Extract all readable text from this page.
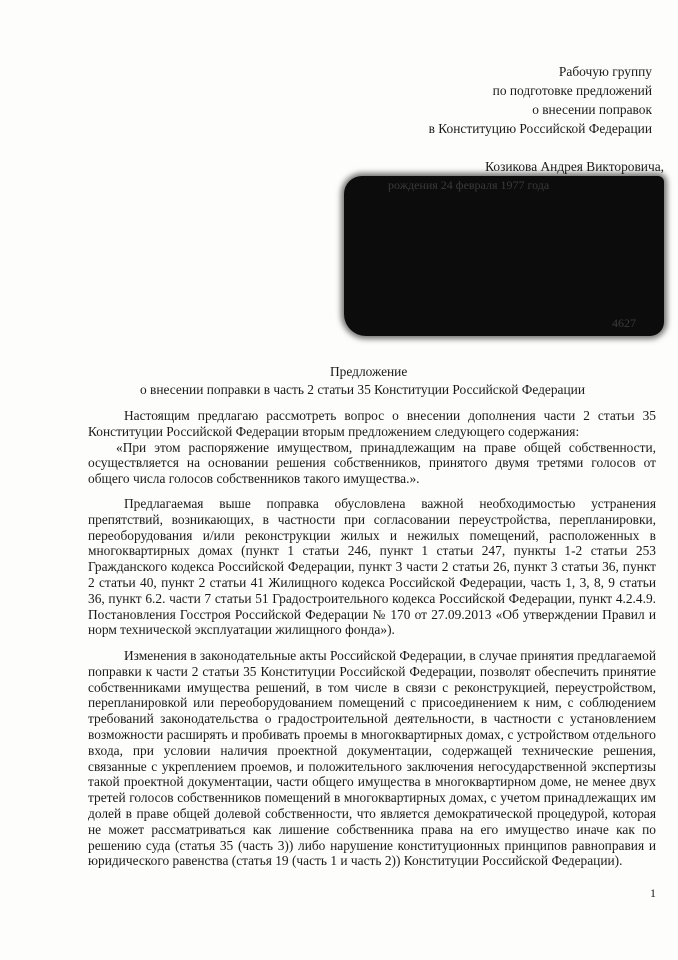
Рабочую группу
по подготовке предложений
о внесении поправок
в Конституцию Российской Федерации
Козикова Андрея Викторовича,
рождения 24 февраля 1977 года
4627
Предложение
о внесении поправки в часть 2 статьи 35 Конституции Российской Федерации

Настоящим предлагаю рассмотреть вопрос о внесении дополнения части 2 статьи 35 Конституции Российской Федерации вторым предложением следующего содержания:

«При этом распоряжение имуществом, принадлежащим на праве общей собственности, осуществляется на основании решения собственников, принятого двумя третями голосов от общего числа голосов собственников такого имущества.».

Предлагаемая выше поправка обусловлена важной необходимостью устранения препятствий, возникающих, в частности при согласовании переустройства, перепланировки, переоборудования и/или реконструкции жилых и нежилых помещений, расположенных в многоквартирных домах (пункт 1 статьи 246, пункт 1 статьи 247, пункты 1-2 статьи 253 Гражданского кодекса Российской Федерации, пункт 3 части 2 статьи 26, пункт 3 статьи 36, пункт 2 статьи 40, пункт 2 статьи 41 Жилищного кодекса Российской Федерации, часть 1, 3, 8, 9 статьи 36, пункт 6.2. части 7 статьи 51 Градостроительного кодекса Российской Федерации, пункт 4.2.4.9. Постановления Госстроя Российской Федерации № 170 от 27.09.2013 «Об утверждении Правил и норм технической эксплуатации жилищного фонда»).

Изменения в законодательные акты Российской Федерации, в случае принятия предлагаемой поправки к части 2 статьи 35 Конституции Российской Федерации, позволят обеспечить принятие собственниками имущества решений, в том числе в связи с реконструкцией, переустройством, перепланировкой или переоборудованием помещений с присоединением к ним, с соблюдением требований законодательства о градостроительной деятельности, в частности с установлением возможности расширять и пробивать проемы в многоквартирных домах, с устройством отдельного входа, при условии наличия проектной документации, содержащей технические решения, связанные с укреплением проемов, и положительного заключения негосударственной экспертизы такой проектной документации, части общего имущества в многоквартирном доме, не менее двух третей голосов собственников помещений в многоквартирных домах, с учетом принадлежащих им долей в праве общей долевой собственности, что является демократической процедурой, которая не может рассматриваться как лишение собственника права на его имущество иначе как по решению суда (статья 35 (часть 3)) либо нарушение конституционных принципов равноправия и юридического равенства (статья 19 (часть 1 и часть 2)) Конституции Российской Федерации).

1
